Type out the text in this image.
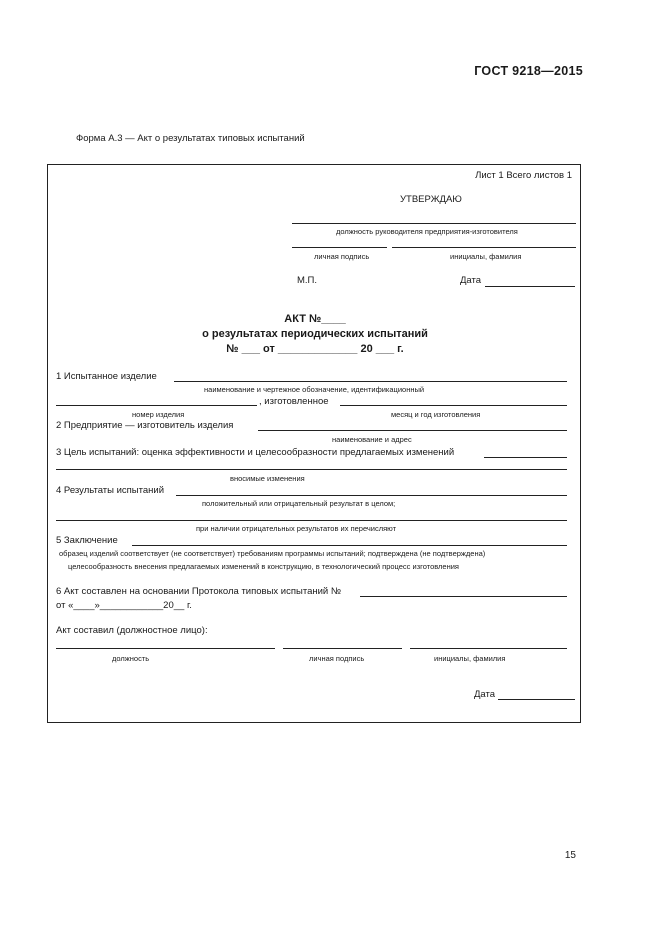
ГОСТ 9218—2015
Форма А.3 — Акт о результатах типовых испытаний
Лист 1 Всего листов 1
УТВЕРЖДАЮ
должность руководителя предприятия-изготовителя
личная подпись	инициалы, фамилия
М.П.	Дата
АКТ №____
о результатах периодических испытаний
№ ___ от _____________ 20 ___ г.
1 Испытанное изделие
наименование и чертежное обозначение, идентификационный
, изготовленное
номер изделия	месяц и год изготовления
2 Предприятие — изготовитель изделия
наименование и адрес
3 Цель испытаний: оценка эффективности и целесообразности предлагаемых изменений
вносимые изменения
4 Результаты испытаний
положительный или отрицательный результат в целом;
при наличии отрицательных результатов их перечисляют
5 Заключение
образец изделий соответствует (не соответствует) требованиям программы испытаний; подтверждена (не подтверждена)
целесообразность внесения предлагаемых изменений в конструкцию, в технологический процесс изготовления
6 Акт составлен на основании Протокола типовых испытаний №
от «____»____________20__ г.
Акт составил (должностное лицо):
должность	личная подпись	инициалы, фамилия
Дата
15
